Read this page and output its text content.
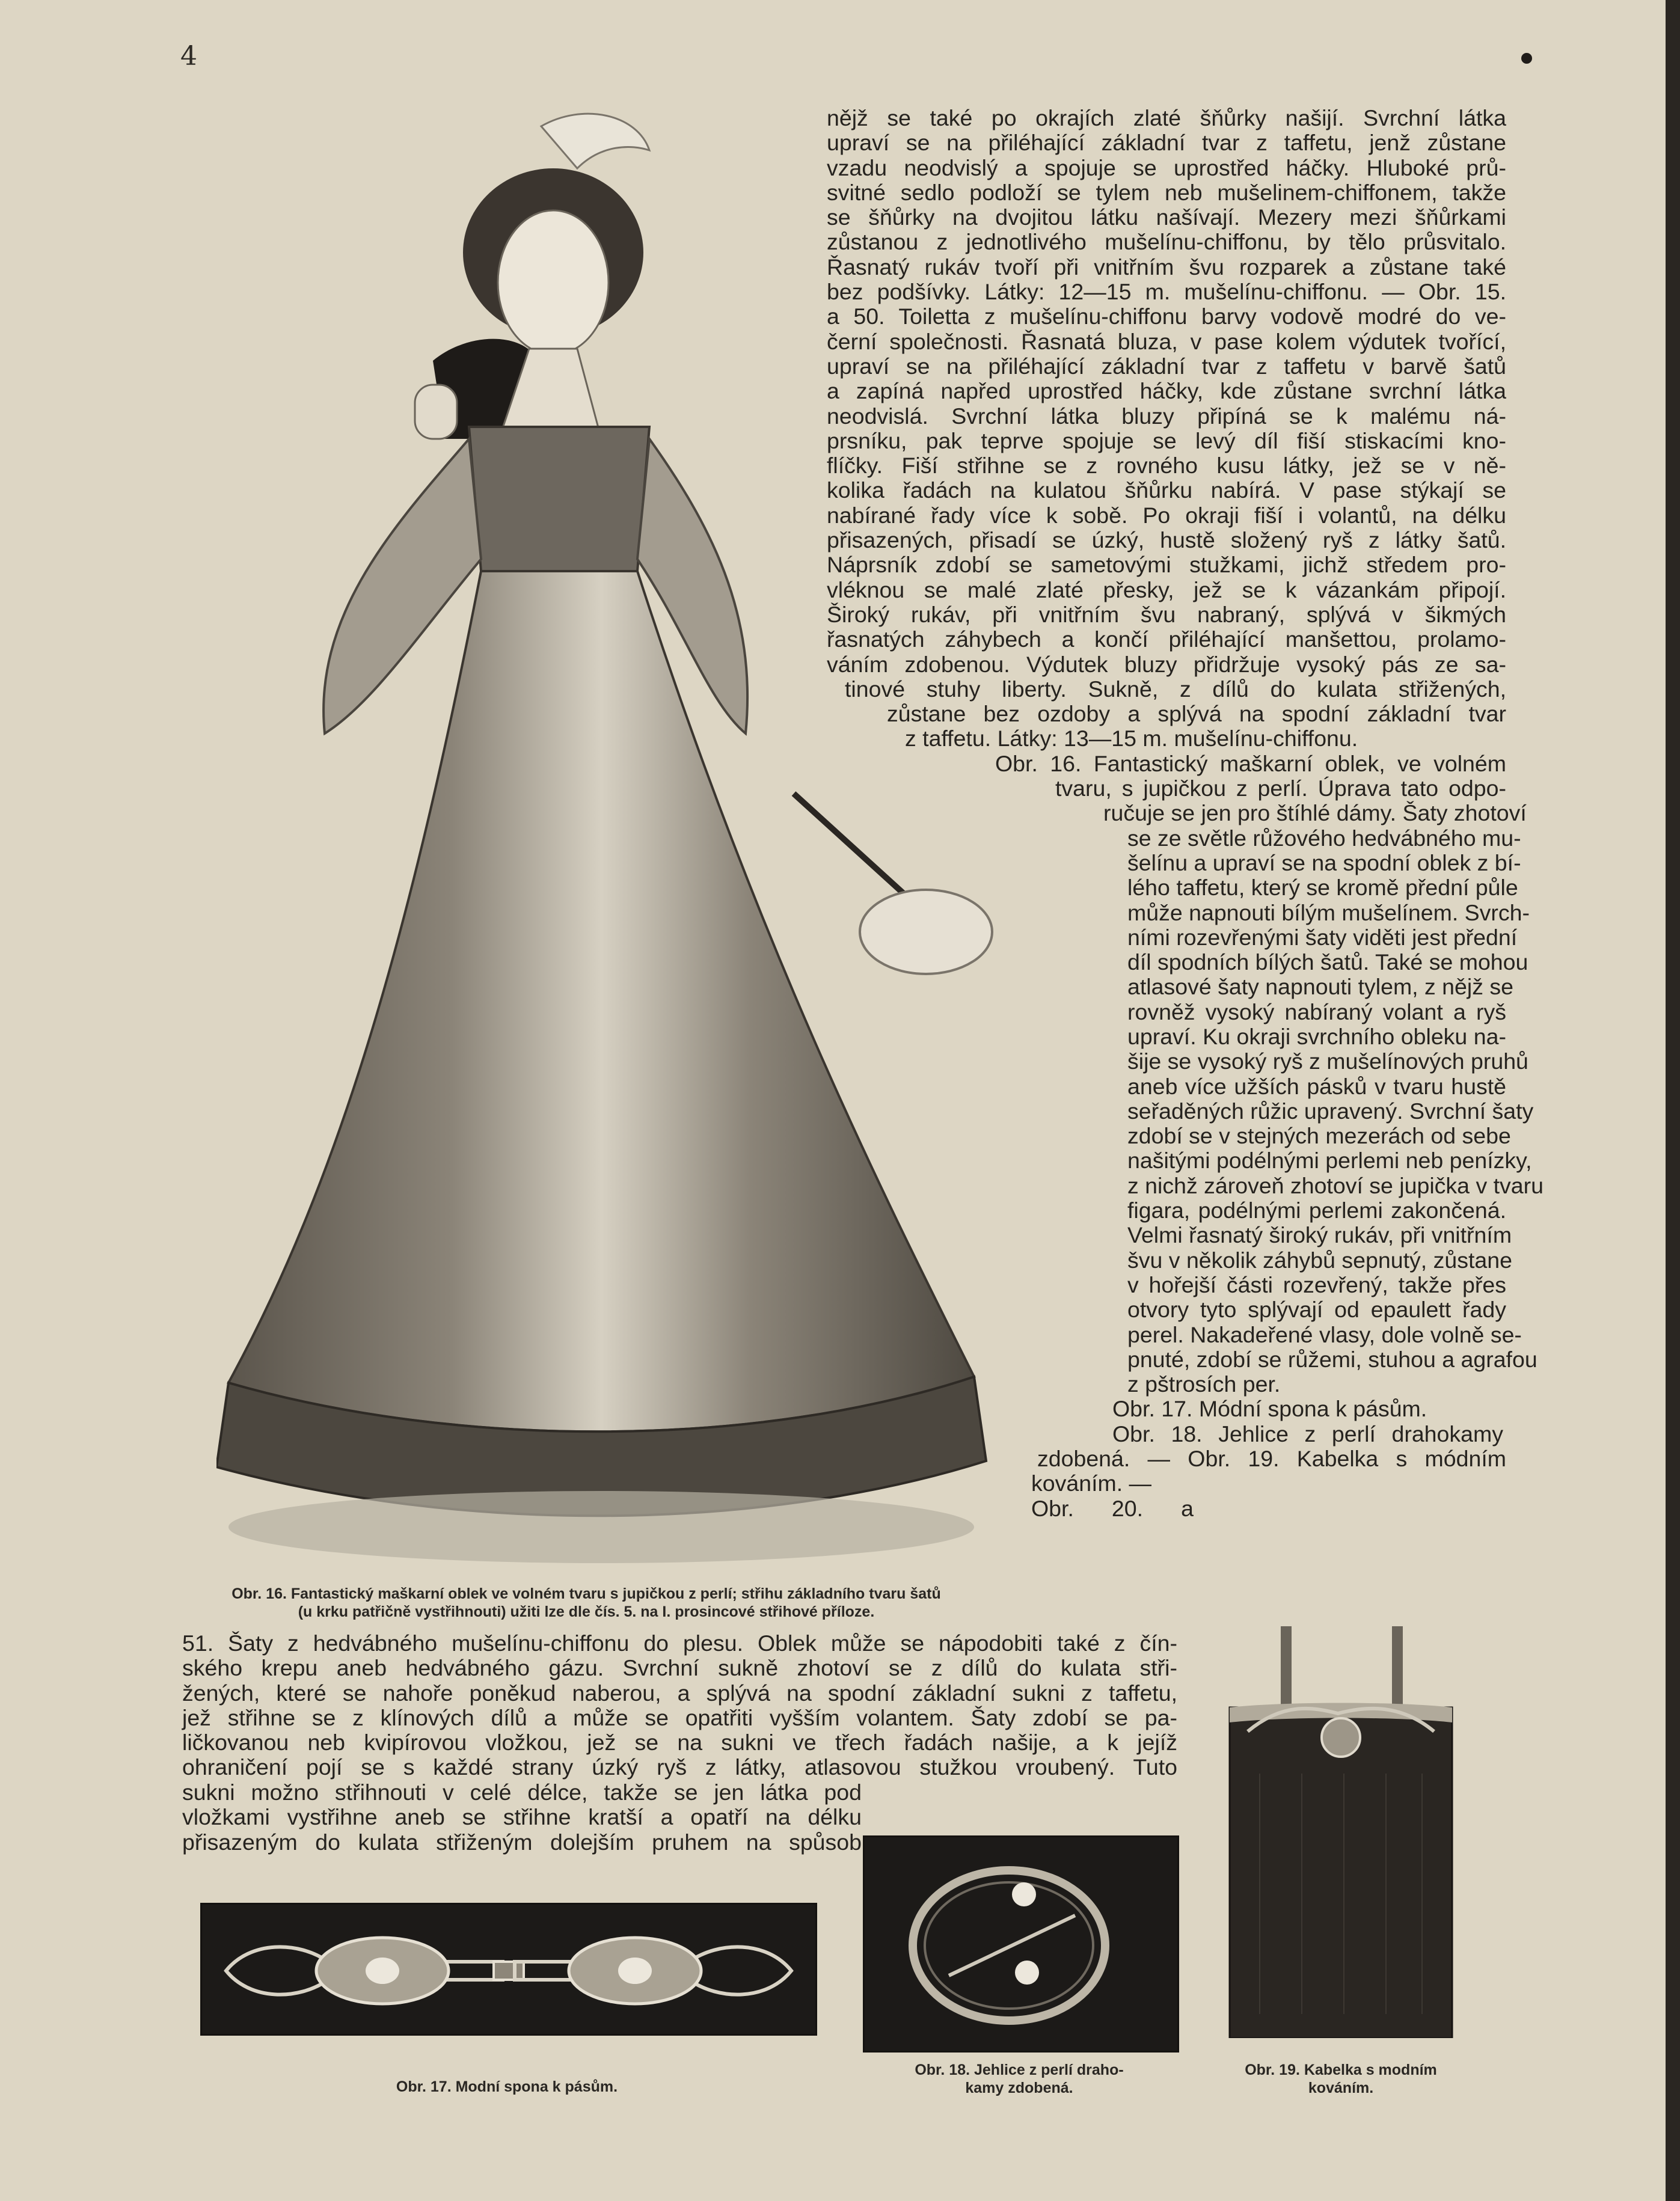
4

nějž se také po okrajích zlaté šňůrky našijí. Svrchní látka

upraví se na přiléhající základní tvar z taffetu, jenž zůstane

vzadu neodvislý a spojuje se uprostřed háčky. Hluboké prů-

svitné sedlo podloží se tylem neb mušelinem-chiffonem, takže

se šňůrky na dvojitou látku našívají. Mezery mezi šňůrkami

zůstanou z jednotlivého mušelínu-chiffonu, by tělo průsvitalo.

Řasnatý rukáv tvoří při vnitřním švu rozparek a zůstane také

bez podšívky. Látky: 12—15 m. mušelínu-chiffonu. — Obr. 15.

a 50. Toiletta z mušelínu-chiffonu barvy vodově modré do ve-

černí společnosti. Řasnatá bluza, v pase kolem výdutek tvořící,

upraví se na přiléhající základní tvar z taffetu v barvě šatů

a zapíná napřed uprostřed háčky, kde zůstane svrchní látka

neodvislá. Svrchní látka bluzy připíná se k malému ná-

prsníku, pak teprve spojuje se levý díl fiší stiskacími kno-

flíčky. Fiší střihne se z rovného kusu látky, jež se v ně-

kolika řadách na kulatou šňůrku nabírá. V pase stýkají se

nabírané řady více k sobě. Po okraji fiší i volantů, na délku

přisazených, přisadí se úzký, hustě složený ryš z látky šatů.

Náprsník zdobí se sametovými stužkami, jichž středem pro-

vléknou se malé zlaté přesky, jež se k vázankám připojí.

Široký rukáv, při vnitřním švu nabraný, splývá v šikmých

řasnatých záhybech a končí přiléhající manšettou, prolamo-

váním zdobenou. Výdutek bluzy přidržuje vysoký pás ze sa-

tinové stuhy liberty. Sukně, z dílů do kulata střižených,

zůstane bez ozdoby a splývá na spodní základní tvar

z taffetu. Látky: 13—15 m. mušelínu-chiffonu.

Obr. 16. Fantastický maškarní oblek, ve volném

tvaru, s jupičkou z perlí. Úprava tato odpo-

ručuje se jen pro štíhlé dámy. Šaty zhotoví

se ze světle růžového hedvábného mu-

šelínu a upraví se na spodní oblek z bí-

lého taffetu, který se kromě přední půle

může napnouti bílým mušelínem. Svrch-

ními rozevřenými šaty viděti jest přední

díl spodních bílých šatů. Také se mohou

atlasové šaty napnouti tylem, z nějž se

rovněž vysoký nabíraný volant a ryš

upraví. Ku okraji svrchního obleku na-

šije se vysoký ryš z mušelínových pruhů

aneb více užších pásků v tvaru hustě

seřaděných růžic upravený. Svrchní šaty

zdobí se v stejných mezerách od sebe

našitými podélnými perlemi neb penízky,

z nichž zároveň zhotoví se jupička v tvaru

figara, podélnými perlemi zakončená.

Velmi řasnatý široký rukáv, při vnitřním

švu v několik záhybů sepnutý, zůstane

v hořejší části rozevřený, takže přes

otvory tyto splývají od epaulett řady

perel. Nakadeřené vlasy, dole volně se-

pnuté, zdobí se růžemi, stuhou a agrafou

z pštrosích per.

Obr. 17. Módní spona k pásům.

Obr. 18. Jehlice z perlí drahokamy

zdobená. — Obr. 19. Kabelka s módním

kováním. —

Obr. 20. a

Obr. 16. Fantastický maškarní oblek ve volném tvaru s jupičkou z perlí; střihu základního tvaru šatů

(u krku patřičně vystřihnouti) užiti lze dle čís. 5. na I. prosincové střihové příloze.

51. Šaty z hedvábného mušelínu-chiffonu do plesu. Oblek může se nápodobiti také z čín-

ského krepu aneb hedvábného gázu. Svrchní sukně zhotoví se z dílů do kulata stři-

žených, které se nahoře poněkud naberou, a splývá na spodní základní sukni z taffetu,

jež střihne se z klínových dílů a může se opatřiti vyšším volantem. Šaty zdobí se pa-

ličkovanou neb kvipírovou vložkou, jež se na sukni ve třech řadách našije, a k jejíž

ohraničení pojí se s každé strany úzký ryš z látky, atlasovou stužkou vroubený. Tuto

sukni možno střihnouti v celé délce, takže se jen látka pod

vložkami vystřihne aneb se střihne kratší a opatří na délku

přisazeným do kulata střiženým dolejším pruhem na spůsob

Obr. 17. Modní spona k pásům.

Obr. 18. Jehlice z perlí draho-

kamy zdobená.

Obr. 19. Kabelka s modním

kováním.
